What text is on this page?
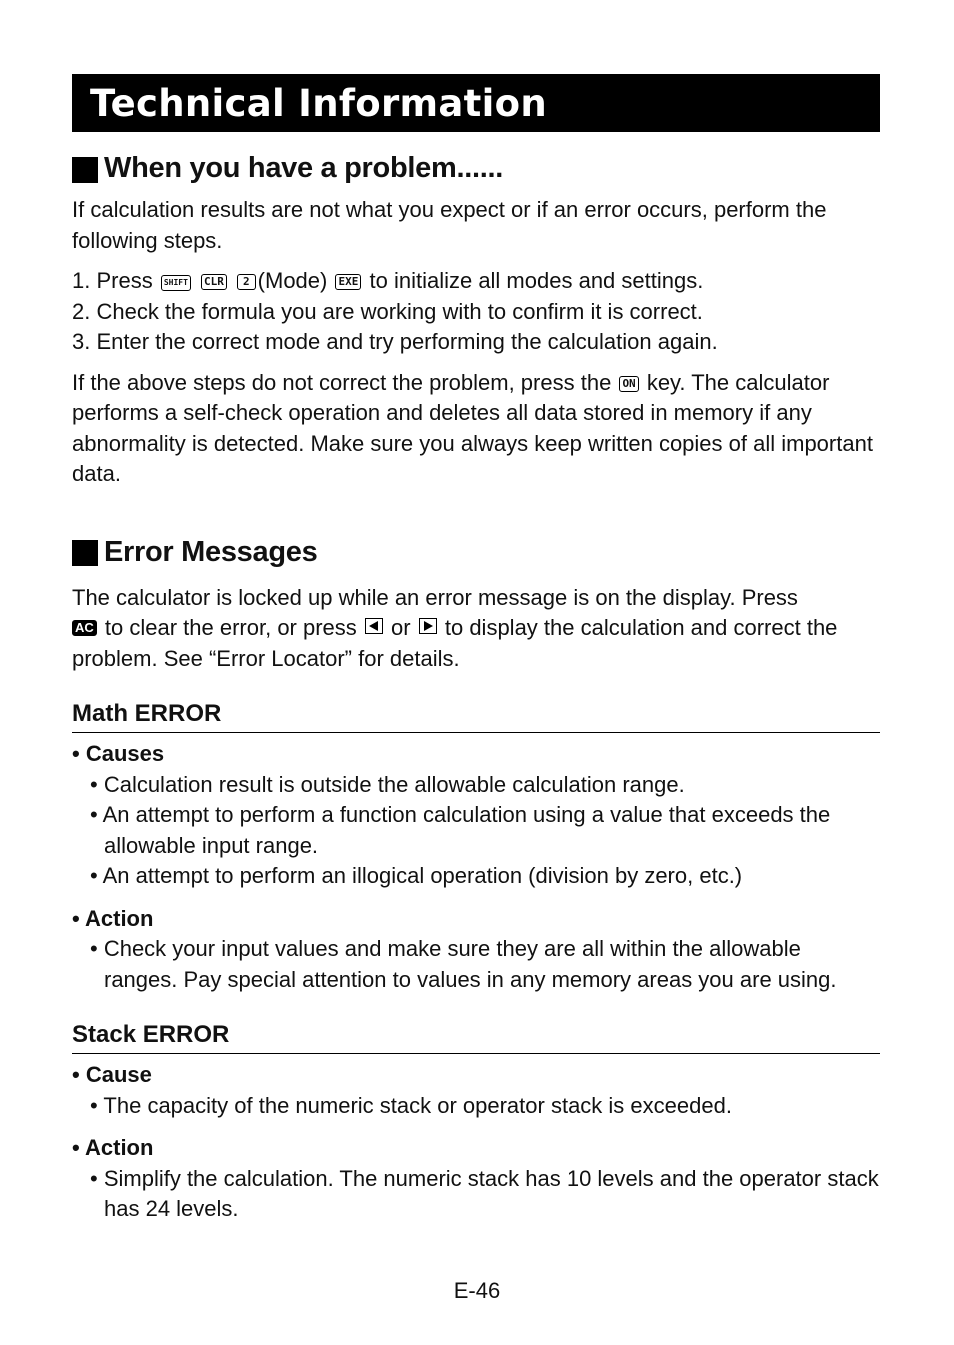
Technical Information
When you have a problem......

If calculation results are not what you expect or if an error occurs, perform the following steps.

1. Press SHIFT CLR 2 (Mode) EXE to initialize all modes and settings.
2. Check the formula you are working with to confirm it is correct.
3. Enter the correct mode and try performing the calculation again.

If the above steps do not correct the problem, press the ON key. The calculator performs a self-check operation and deletes all data stored in memory if any abnormality is detected. Make sure you always keep written copies of all important data.

Error Messages

The calculator is locked up while an error message is on the display. Press
AC to clear the error, or press or to display the calculation and correct the problem. See “Error Locator” for details.

Math ERROR

• Causes

• Calculation result is outside the allowable calculation range.
• An attempt to perform a function calculation using a value that exceeds the allowable input range.
• An attempt to perform an illogical operation (division by zero, etc.)

• Action

• Check your input values and make sure they are all within the allowable ranges. Pay special attention to values in any memory areas you are using.
Stack ERROR

• Cause

• The capacity of the numeric stack or operator stack is exceeded.

• Action

• Simplify the calculation. The numeric stack has 10 levels and the operator stack has 24 levels.
E-46
